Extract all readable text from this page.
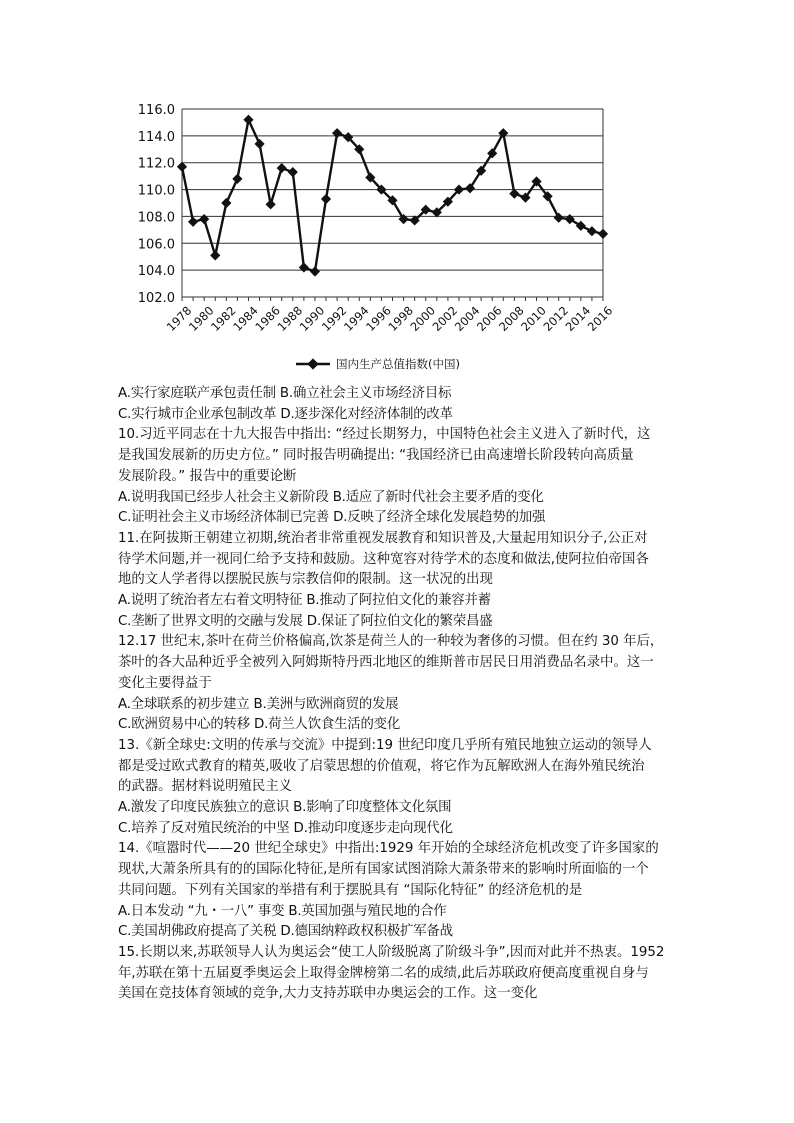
102.0
104.0
106.0
108.0
110.0
112.0
114.0
116.0
1978
1980
1982
1984
1986
1988
1990
1992
1994
1996
1998
2000
2002
2004
2006
2008
2010
2012
2014
2016
国内生产总值指数(中国)
A.实行家庭联产承包责任制 B.确立社会主义市场经济目标
C.实行城市企业承包制改革 D.逐步深化对经济体制的改革
10.习近平同志在十九大报告中指出: “经过长期努力，中国特色社会主义进入了新时代，这
是我国发展新的历史方位。” 同时报告明确提出: “我国经济已由高速增长阶段转向高质量
发展阶段。” 报告中的重要论断
A.说明我国已经步人社会主义新阶段 B.适应了新时代社会主要矛盾的变化
C.证明社会主义市场经济体制已完善 D.反映了经济全球化发展趋势的加强
11.在阿拔斯王朝建立初期,统治者非常重视发展教育和知识普及,大量起用知识分子,公正对
待学术问题,并一视同仁给予支持和鼓励。这种宽容对待学术的态度和做法,使阿拉伯帝国各
地的文人学者得以摆脱民族与宗教信仰的限制。这一状况的出现
A.说明了统治者左右着文明特征 B.推动了阿拉伯文化的兼容并蓄
C.垄断了世界文明的交融与发展 D.保证了阿拉伯文化的繁荣昌盛
12.17 世纪末,茶叶在荷兰价格偏高,饮茶是荷兰人的一种较为奢侈的习惯。但在约 30 年后，
茶叶的各大品种近乎全被列入阿姆斯特丹西北地区的维斯普市居民日用消费品名录中。这一
变化主要得益于
A.全球联系的初步建立 B.美洲与欧洲商贸的发展
C.欧洲贸易中心的转移 D.荷兰人饮食生活的变化
13.《新全球史:文明的传承与交流》中提到:19 世纪印度几乎所有殖民地独立运动的领导人
都是受过欧式教育的精英,吸收了启蒙思想的价值观，将它作为瓦解欧洲人在海外殖民统治
的武器。据材料说明殖民主义
A.激发了印度民族独立的意识 B.影响了印度整体文化氛围
C.培养了反对殖民统治的中坚 D.推动印度逐步走向现代化
14.《喧嚣时代——20 世纪全球史》中指出:1929 年开始的全球经济危机改变了许多国家的
现状,大萧条所具有的的国际化特征,是所有国家试图消除大萧条带来的影响时所面临的一个
共同问题。下列有关国家的举措有利于摆脱具有 “国际化特征” 的经济危机的是
A.日本发动 “九・一八” 事变 B.英国加强与殖民地的合作
C.美国胡佛政府提高了关税 D.德国纳粹政权积极扩军备战
15.长期以来,苏联领导人认为奥运会“使工人阶级脱离了阶级斗争”,因而对此并不热衷。1952
年,苏联在第十五届夏季奥运会上取得金牌榜第二名的成绩,此后苏联政府便高度重视自身与
美国在竞技体育领域的竞争,大力支持苏联申办奥运会的工作。这一变化
